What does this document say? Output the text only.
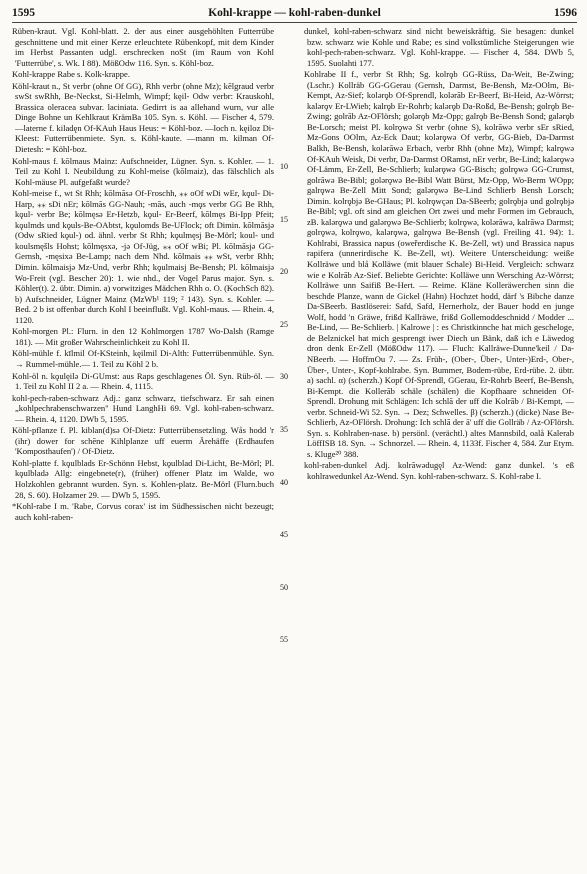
1595	Kohl-krappe — kohl-raben-dunkel	1596

Rüben-kraut. Vgl. Kohl-blatt. 2. der aus einer ausgehöhlten Futterrübe geschnittene und mit einer Kerze erleuchtete Rübenkopf, mit dem Kinder im Herbst Passanten udgl. erschrecken noSt (im Raum von Kohl 'Futterrübe', s. Wk. I 88). MößOdw 116. Syn. s. Köhl-boz.

Kohl-krappe Rabe s. Kolk-krappe.

Köhl-kraut n., St verbr (ohne Of GG), Rhh verbr (ohne Mz); kēlgraud verbr swSt swRhh, Be-Neckst, Si-Helmh, Wimpf; kęil- Odw verbr: Krauskohl, Brassica oleracea subvar. laciniata. Gedirrt is aa allehand wurn, vur alle Dinge Bohne un Kehlkraut KrämBa 105. Syn. s. Köhl. — Fischer 4, 579. —laterne f. kiladęn Of-KAuh Haus Heus: = Köhl-boz. —loch n. kęiloz Di-Kleest: Futterrübenmiete. Syn. s. Köhl-kaute. —mann m. kilman Of-Dietesh: = Köhl-boz.

Kohl-maus f. kōlmaus Mainz: Aufschneider, Lügner. Syn. s. Kohler. — 1. Teil zu Kohl I. Neubildung zu Kohl-meise (kōlmaiz), das fälschlich als Kohl-mäuse Pl. aufgefaßt wurde?

Kohl-meise f., wt St Rhh; kōlmāsə Of-Froschh, ⁎⁎ oOf wDi wEr, kǫul- Di-Harp, ⁎⁎ sDi nEr; kōlmās GG-Nauh; -mās, auch -mǫs verbr GG Be Rhh, kǫul- verbr Be; kōlmęsə Er-Hetzb, kǫul- Er-Beerf, kōlmęs Bi-Ipp Pfeit; kǫulmds und kǫuls-Be-OAbtst, kǫulomds Be-UFlock; oft Dimin. kōlmāsjə (Odw sRied kǫul-) od. ähnl. verbr St Rhh; kǫulmęsj Be-Mörl; koul- und koulsmęšls Hohst; kōlmęsxə, -jə Of-Jüg, ⁎⁎ oOf wBi; Pl. kōlmāsjə GG-Gernsh, -męsixə Be-Lamp; nach dem Nhd. kōlmais ⁎⁎ wSt, verbr Rhh; Dimin. kōlmaisjə Mz-Und, verbr Rhh; kǫulmaisj Be-Bensh; Pl. kōlmaisjə Wo-Freit (vgl. Bescher 20): 1. wie nhd., der Vogel Parus major. Syn. s. Köhler(t). 2. übtr. Dimin. a) vorwitziges Mädchen Rhh o. O. (KochSch 82). b) Aufschneider, Lügner Mainz (MzWb¹ 119; ² 143). Syn. s. Kohler. — Bed. 2 b ist offenbar durch Kohl I beeinflußt. Vgl. Kohl-maus. — Rhein. 4, 1120.

Kohl-morgen Pl.: Flurn. in den 12 Kohlmorgen 1787 Wo-Dalsh (Ramge 181). — Mit großer Wahrscheinlichkeit zu Kohl II.

Köhl-mühle f. kīlmil Of-KSteinh, kęilmil Di-Alth: Futterrübenmühle. Syn. → Rummel-mühle.— 1. Teil zu Köhl 2 b.

Kohl-öl n. kǫulęilə Di-GUmst: aus Raps geschlagenes Öl. Syn. Rüb-öl. — 1. Teil zu Kohl II 2 a. — Rhein. 4, 1115.

kohl-pech-raben-schwarz Adj.: ganz schwarz, tiefschwarz. Er sah einen „kohlpechrabenschwarzen" Hund LanghHi 69. Vgl. kohl-raben-schwarz. — Rhein. 4, 1120. DWb 5, 1595.

Köhl-pflanze f. Pl. kiblan(d)sə Of-Dietz: Futterrübensetzling. Wås hodd 'r (ihr) dower for schēne Kihlplanze uff euerm Ärehäffe (Erdhaufen 'Komposthaufen') / Of-Dietz.

Kohl-platte f. kǫulblads Er-Schönn Hebst, kǫulblad Di-Licht, Be-Mörl; Pl. kǫulbladə Allg: eingebnete(r), (früher) offener Platz im Walde, wo Holzkohlen gebrannt wurden. Syn. s. Kohlen-platz. Be-Mörl (Flurn.buch 28, S. 60). Holzamer 29. — DWb 5, 1595.

*Kohl-rabe I m. 'Rabe, Corvus corax' ist im Südhessischen nicht bezeugt; auch kohl-raben-

10
15
20
25
30
35
40
45
50
55

dunkel, kohl-raben-schwarz sind nicht beweiskräftig. Sie besagen: dunkel bzw. schwarz wie Kohle und Rabe; es sind volkstümliche Steigerungen wie kohl-pech-raben-schwarz. Vgl. Kohl-krappe. — Fischer 4, 584. DWb 5, 1595. Suolahti 177.

Kohlrabe II f., verbr St Rhh; Sg. kolrǫb GG-Rüss, Da-Weit, Be-Zwing; (Lschr.) Kollräb GG-GGerau (Gernsh, Darmst, Be-Bensh, Mz-OOlm, Bi-Kempt, Az-Sief; kolərǫb Of-Sprendl, kolərāb Er-Beerf, Bi-Heid, Az-Wörrst; kalərǫv Er-LWieb; kalrǫb Er-Rohrb; kalərǫb Da-Roßd, Be-Bensh; golrǫb Be-Zwing; golrāb Az-OFlörsh; golərǫb Mz-Opp; galrǫb Be-Bensh Sond; galərǫb Be-Lorsch; meist Pl. kolrǫwə St verbr (ohne S), kolrāwə verbr sEr sRied, Mz-Gons OOlm, Az-Eck Daut; kolərǫwə Of verbr, GG-Bieb, Da-Darmst Balkh, Be-Bensh, kolərāwə Erbach, verbr Rhh (ohne Mz), Wimpf; kalrǫwə Of-KAuh Weisk, Di verbr, Da-Darmst ORamst, nEr verbr, Be-Lind; kalərǫwə Of-Lämm, Er-Zell, Be-Schlierb; kulərǫwə GG-Bisch; golrǫwə GG-Crumst, golrāwə Be-Bibl; golərǫwə Be-Bibl Watt Bürst, Mz-Opp, Wo-Berm WOpp; galrǫwə Be-Zell Mitt Sond; galərǫwə Be-Lind Schlierb Bensh Lorsch; Dimin. kolrǫbjə Be-GHaus; Pl. kolrǫwçən Da-SBeerb; golrǫbjə und golrǫbjə Be-Bibl; vgl. oft sind am gleichen Ort zwei und mehr Formen im Gebrauch, zB. kalərǫwə und galərǫwə Be-Schlierb; kolrǫwə, kolərāwə, kalrāwə Darmst; golrǫwə, kolrǫwo, kalərǫwə, galrǫwə Be-Bensh (vgl. Freiling 41. 94): 1. Kohlrabi, Brassica napus (oweřerdische K. Be-Zell, wt) und Brassica napus rapifera (unnerirdische K. Be-Zell, wt). Weitere Unterscheidung: weiße Kollräwe und blå Kolläwe (mit blauer Schale) Bi-Heid. Vergleich: schwarz wie e Kolrāb Az-Sief. Beliebte Gerichte: Kolläwe unn Wersching Az-Wörrst; Kollräwe unn Saifiß Be-Hert. — Reime. Kläne Kolleräwerchen sinn die beschde Planze, wann de Gickel (Hahn) Hochzet hodd, därf 's Bibche danze Da-SBeerb. Bastlöserei: Safd, Safd, Hernerholz, der Bauer hodd en junge Wolf, hodd 'n Gräwe, frißd Kallräwe, frißd Gollemoddeschnidd / Modder ... Be-Lind, — Be-Schlierb. | Kalrowe | : es Christkinnche hat mich gescheloge, de Belznickel hat mich gesprengt iwer Diech un Bänk, daß ich e Läwedog dron denk Er-Zell (MößOdw 117). — Fluch: Kallräwe-Dunne'keil / Da-NBeerb. — HoffmOu 7. — Zs. Früh-, (Ober-, Über-, Unter-)Erd-, Ober-, Über-, Unter-, Kopf-kohlrabe. Syn. Bummer, Bodem-rübe, Erd-rübe. 2. übtr. a) sachl. α) (scherzh.) Kopf Of-Sprendl, GGerau, Er-Rohrb Beerf, Be-Bensh, Bi-Kempt. die Kollerāb schäle (schälen) die Kopfhaare schneiden Of-Sprendl. Drohung mit Schlägen: Ich schlā der uff die Kolrāb / Bi-Kempt, — verbr. Schneid-Wi 52. Syn. → Dez; Schwelles. β) (scherzh.) (dicke) Nase Be-Schlierb, Az-OFlörsh. Drohung: Ich schlā der ā' uff die Gollräb / Az-OFlörsh. Syn. s. Kohlraben-nase. b) persönl. (verächtl.) altes Mannsbild, oalå Kalerab LöffISB 18. Syn. → Schnorzel. — Rhein. 4, 1133f. Fischer 4, 584. Zur Etym. s. Kluge²⁰ 388.

kohl-raben-dunkel Adj. kolrāwədugęl Az-Wend: ganz dunkel. 's eß kohlrawedunkel Az-Wend. Syn. kohl-raben-schwarz. S. Kohl-rabe I.
